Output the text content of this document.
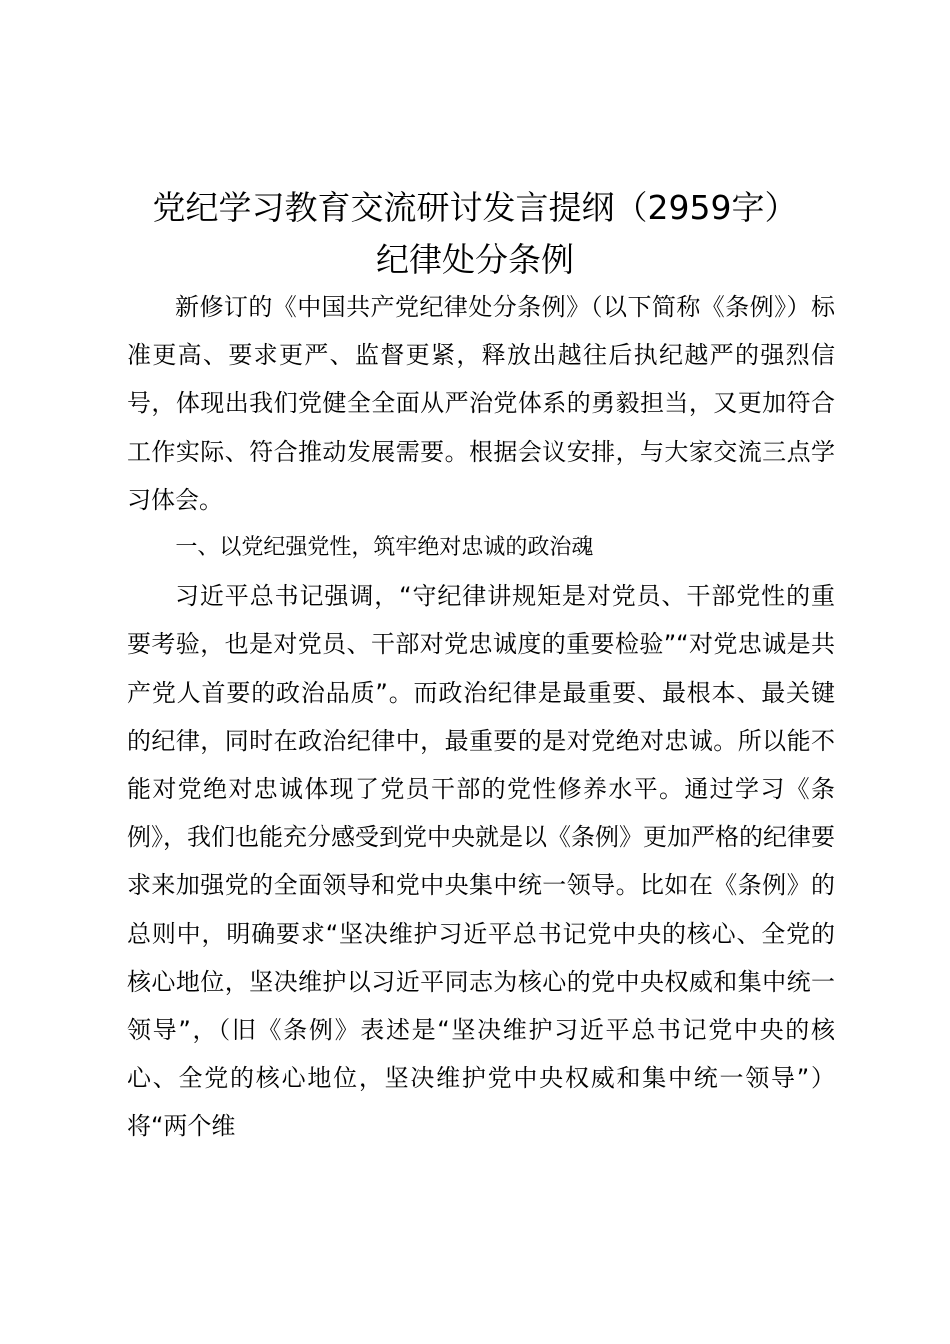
党纪学习教育交流研讨发言提纲（2959字）
纪律处分条例

新修订的《中国共产党纪律处分条例》（以下简称《条例》）标准更高、要求更严、监督更紧，释放出越往后执纪越严的强烈信号，体现出我们党健全全面从严治党体系的勇毅担当，又更加符合工作实际、符合推动发展需要。根据会议安排，与大家交流三点学习体会。

一、以党纪强党性，筑牢绝对忠诚的政治魂

习近平总书记强调，“守纪律讲规矩是对党员、干部党性的重要考验，也是对党员、干部对党忠诚度的重要检验”“对党忠诚是共产党人首要的政治品质”。而政治纪律是最重要、最根本、最关键的纪律，同时在政治纪律中，最重要的是对党绝对忠诚。所以能不能对党绝对忠诚体现了党员干部的党性修养水平。通过学习《条例》，我们也能充分感受到党中央就是以《条例》更加严格的纪律要求来加强党的全面领导和党中央集中统一领导。比如在《条例》的总则中，明确要求“坚决维护习近平总书记党中央的核心、全党的核心地位，坚决维护以习近平同志为核心的党中央权威和集中统一领导”，（旧《条例》表述是“坚决维护习近平总书记党中央的核心、全党的核心地位，坚决维护党中央权威和集中统一领导”）将“两个维
